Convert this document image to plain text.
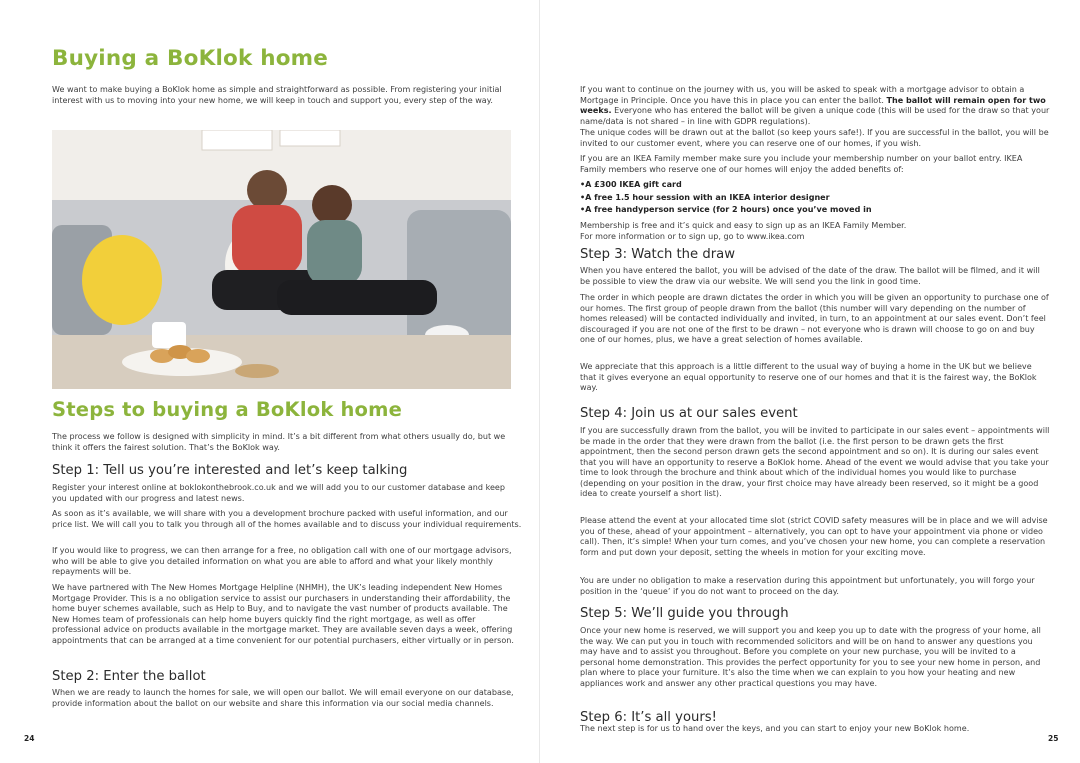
Buying a BoKlok home

We want to make buying a BoKlok home as simple and straightforward as possible. From registering your initial interest with us to moving into your new home, we will keep in touch and support you, every step of the way.

Steps to buying a BoKlok home

The process we follow is designed with simplicity in mind. It’s a bit different from what others usually do, but we think it offers the fairest solution. That’s the BoKlok way.

Step 1: Tell us you’re interested and let’s keep talking

Register your interest online at boklokonthebrook.co.uk and we will add you to our customer database and keep you updated with our progress and latest news.

As soon as it’s available, we will share with you a development brochure packed with useful information, and our price list. We will call you to talk you through all of the homes available and to discuss your individual requirements.

If you would like to progress, we can then arrange for a free, no obligation call with one of our mortgage advisors, who will be able to give you detailed information on what you are able to afford and what your likely monthly repayments will be.

We have partnered with The New Homes Mortgage Helpline (NHMH), the UK’s leading independent New Homes Mortgage Provider. This is a no obligation service to assist our purchasers in understanding their affordability, the home buyer schemes available, such as Help to Buy, and to navigate the vast number of products available. The New Homes team of professionals can help home buyers quickly find the right mortgage, as well as offer professional advice on products available in the mortgage market. They are available seven days a week, offering appointments that can be arranged at a time convenient for our potential purchasers, either virtually or in person.

Step 2: Enter the ballot

When we are ready to launch the homes for sale, we will open our ballot. We will email everyone on our database, provide information about the ballot on our website and share this information via our social media channels.

24

If you want to continue on the journey with us, you will be asked to speak with a mortgage advisor to obtain a Mortgage in Principle. Once you have this in place you can enter the ballot. The ballot will remain open for two weeks. Everyone who has entered the ballot will be given a unique code (this will be used for the draw so that your name/data is not shared – in line with GDPR regulations).

The unique codes will be drawn out at the ballot (so keep yours safe!). If you are successful in the ballot, you will be invited to our customer event, where you can reserve one of our homes, if you wish.

If you are an IKEA Family member make sure you include your membership number on your ballot entry. IKEA Family members who reserve one of our homes will enjoy the added benefits of:

• A £300 IKEA gift card
• A free 1.5 hour session with an IKEA interior designer
• A free handyperson service (for 2 hours) once you’ve moved in

Membership is free and it’s quick and easy to sign up as an IKEA Family Member.

For more information or to sign up, go to www.ikea.com

Step 3: Watch the draw

When you have entered the ballot, you will be advised of the date of the draw. The ballot will be filmed, and it will be possible to view the draw via our website. We will send you the link in good time.

The order in which people are drawn dictates the order in which you will be given an opportunity to purchase one of our homes. The first group of people drawn from the ballot (this number will vary depending on the number of homes released) will be contacted individually and invited, in turn, to an appointment at our sales event. Don’t feel discouraged if you are not one of the first to be drawn – not everyone who is drawn will choose to go on and buy one of our homes, plus, we have a great selection of homes available.

We appreciate that this approach is a little different to the usual way of buying a home in the UK but we believe that it gives everyone an equal opportunity to reserve one of our homes and that it is the fairest way, the BoKlok way.

Step 4: Join us at our sales event

If you are successfully drawn from the ballot, you will be invited to participate in our sales event – appointments will be made in the order that they were drawn from the ballot (i.e. the first person to be drawn gets the first appointment, then the second person drawn gets the second appointment and so on). It is during our sales event that you will have an opportunity to reserve a BoKlok home. Ahead of the event we would advise that you take your time to look through the brochure and think about which of the individual homes you would like to purchase (depending on your position in the draw, your first choice may have already been reserved, so it might be a good idea to create yourself a short list).

Please attend the event at your allocated time slot (strict COVID safety measures will be in place and we will advise you of these, ahead of your appointment – alternatively, you can opt to have your appointment via phone or video call). Then, it’s simple! When your turn comes, and you’ve chosen your new home, you can complete a reservation form and put down your deposit, setting the wheels in motion for your exciting move.

You are under no obligation to make a reservation during this appointment but unfortunately, you will forgo your position in the ‘queue’ if you do not want to proceed on the day.

Step 5: We’ll guide you through

Once your new home is reserved, we will support you and keep you up to date with the progress of your home, all the way. We can put you in touch with recommended solicitors and will be on hand to answer any questions you may have and to assist you throughout. Before you complete on your new purchase, you will be invited to a personal home demonstration. This provides the perfect opportunity for you to see your new home in person, and plan where to place your furniture. It’s also the time when we can explain to you how your heating and new appliances work and answer any other practical questions you may have.

Step 6: It’s all yours!

The next step is for us to hand over the keys, and you can start to enjoy your new BoKlok home.

25
